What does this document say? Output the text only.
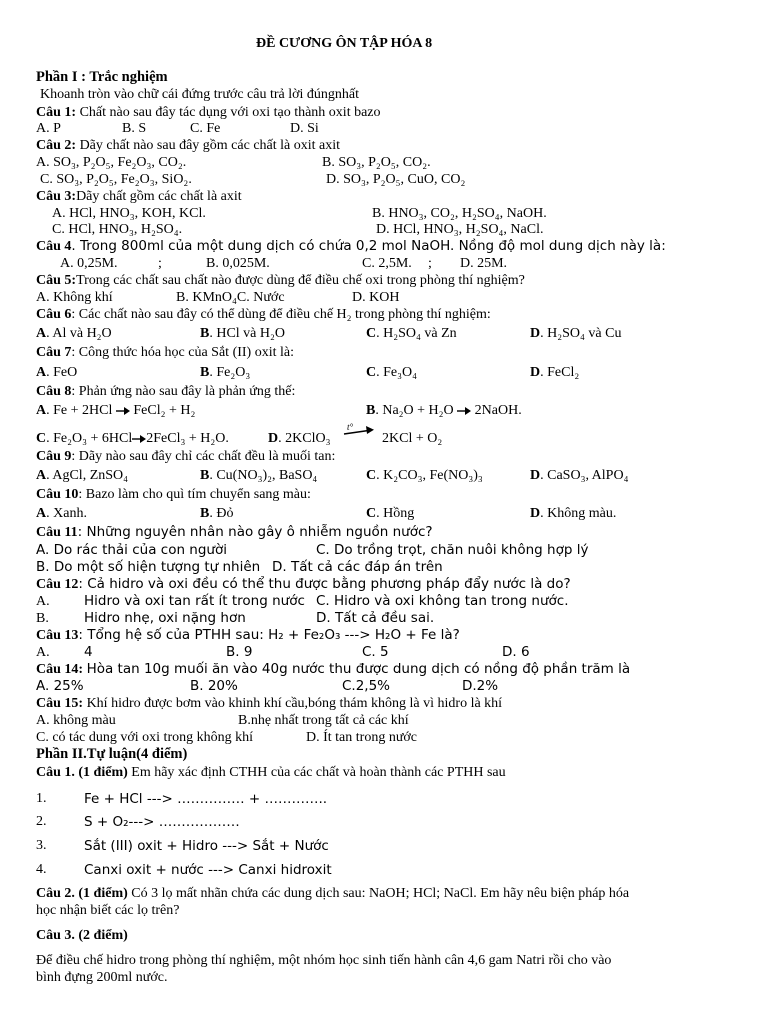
ĐỀ CƯƠNG ÔN TẬP HÓA 8
Phần I : Trắc nghiệm
Khoanh tròn vào chữ cái đứng trước câu trả lời đúngnhất
Câu 1: Chất nào sau đây tác dụng với oxi tạo thành oxit bazo
A. P	B. S	C. Fe	D. Si
Câu 2: Dãy chất nào sau đây gồm các chất là oxit axit
A. SO₃, P₂O₅, Fe₂O₃, CO₂.	B. SO₃, P₂O₅, CO₂.
C. SO₃, P₂O₅, Fe₂O₃, SiO₂.	D. SO₃, P₂O₅, CuO, CO₂
Câu 3:Dãy chất gồm các chất là axit
A. HCl, HNO₃, KOH, KCl.	B. HNO₃, CO₂, H₂SO₄, NaOH.
C. HCl, HNO₃, H₂SO₄.	D. HCl, HNO₃, H₂SO₄, NaCl.
Câu 4. Trong 800ml của một dung dịch có chứa 0,2 mol NaOH. Nồng độ mol dung dịch này là:
A. 0,25M.	;	B. 0,025M.	C. 2,5M. ; D. 25M.
Câu 5:Trong các chất sau chất nào được dùng để điều chế oxi trong phòng thí nghiệm?
A. Không khí	B. KMnO₄C. Nước	D. KOH
Câu 6: Các chất nào sau đây có thể dùng để điều chế H₂ trong phòng thí nghiệm:
A. Al và H₂O	B. HCl và H₂O	C. H₂SO₄ và Zn	D. H₂SO₄ và Cu
Câu 7: Công thức hóa học của Sắt (II) oxit là:
A. FeO	B. Fe₂O₃	C. Fe₃O₄	D. FeCl₂
Câu 8: Phản ứng nào sau đây là phản ứng thế:
A. Fe + 2HCl FeCl₂ + H₂	B. Na₂O + H₂O 2NaOH.
C. Fe₂O₃ + 6HCl 2FeCl₃ + H₂O.	D. 2KClO₃
t°
2KCl + O₂
Câu 9: Dãy nào sau đây chỉ các chất đều là muối tan:
A. AgCl, ZnSO₄	B. Cu(NO₃)₂, BaSO₄	C. K₂CO₃, Fe(NO₃)₃	D. CaSO₃, AlPO₄
Câu 10: Bazo làm cho quì tím chuyển sang màu:
A. Xanh.	B. Đỏ	C. Hồng	D. Không màu.
Câu 11: Những nguyên nhân nào gây ô nhiễm nguồn nước?
A. Do rác thải của con người	C. Do trồng trọt, chăn nuôi không hợp lý
B. Do một số hiện tượng tự nhiên D. Tất cả các đáp án trên
Câu 12: Cả hidro và oxi đều có thể thu được bằng phương pháp đẩy nước là do?
A.	Hidro và oxi tan rất ít trong nước C. Hidro và oxi không tan trong nước.
B.	Hidro nhẹ, oxi nặng hơn	D. Tất cả đều sai.
Câu 13: Tổng hệ số của PTHH sau: H₂ + Fe₂O₃ ---> H₂O + Fe là?
A.	4	B. 9	C. 5	D. 6
Câu 14: Hòa tan 10g muối ăn vào 40g nước thu được dung dịch có nồng độ phần trăm là
A. 25%	B. 20%	C.2,5%	D.2%
Câu 15: Khí hidro được bơm vào khinh khí cầu,bóng thám không là vì hidro là khí
A. không màu	B.nhẹ nhất trong tất cả các khí
C. có tác dung với oxi trong không khí	D. Ít tan trong nước
Phần II.Tự luận(4 điểm)
Câu 1. (1 điểm) Em hãy xác định CTHH của các chất và hoàn thành các PTHH sau
1.	Fe + HCl ---> …………… + …………..
2.	S + O₂---> ………………
3.	Sắt (III) oxit + Hidro ---> Sắt + Nước
4.	Canxi oxit + nước ---> Canxi hidroxit
Câu 2. (1 điểm) Có 3 lọ mất nhãn chứa các dung dịch sau: NaOH; HCl; NaCl. Em hãy nêu biện pháp hóa
học nhận biết các lọ trên?
Câu 3. (2 điểm)
Để điều chế hidro trong phòng thí nghiệm, một nhóm học sinh tiến hành cân 4,6 gam Natri rồi cho vào
bình đựng 200ml nước.
